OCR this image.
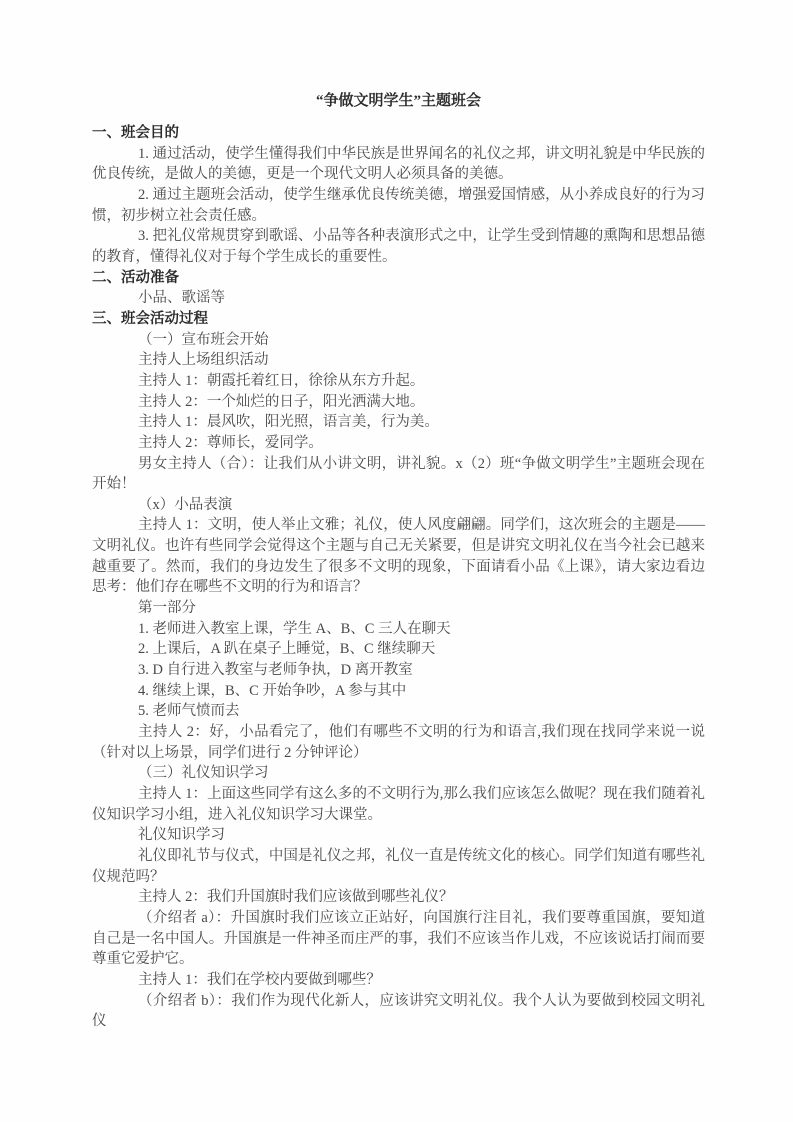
“争做文明学生”主题班会

一、班会目的

1. 通过活动，使学生懂得我们中华民族是世界闻名的礼仪之邦，讲文明礼貌是中华民族的优良传统，是做人的美德，更是一个现代文明人必须具备的美德。

2. 通过主题班会活动，使学生继承优良传统美德，增强爱国情感，从小养成良好的行为习惯，初步树立社会责任感。

3. 把礼仪常规贯穿到歌谣、小品等各种表演形式之中，让学生受到情趣的熏陶和思想品德的教育，懂得礼仪对于每个学生成长的重要性。

二、活动准备

小品、歌谣等

三、班会活动过程

（一）宣布班会开始

主持人上场组织活动

主持人 1：朝霞托着红日，徐徐从东方升起。

主持人 2：一个灿烂的日子，阳光洒满大地。

主持人 1：晨风吹，阳光照，语言美，行为美。

主持人 2：尊师长，爱同学。

男女主持人（合）：让我们从小讲文明，讲礼貌。x（2）班“争做文明学生”主题班会现在开始！

（x）小品表演

主持人 1：文明，使人举止文雅；礼仪，使人风度翩翩。同学们，这次班会的主题是——文明礼仪。也许有些同学会觉得这个主题与自己无关紧要，但是讲究文明礼仪在当今社会已越来越重要了。然而，我们的身边发生了很多不文明的现象，下面请看小品《上课》，请大家边看边思考：他们存在哪些不文明的行为和语言？

第一部分

1. 老师进入教室上课，学生 A、B、C 三人在聊天

2. 上课后，A 趴在桌子上睡觉，B、C 继续聊天

3. D 自行进入教室与老师争执，D 离开教室

4. 继续上课，B、C 开始争吵，A 参与其中

5. 老师气愤而去

主持人 2：好，小品看完了，他们有哪些不文明的行为和语言,我们现在找同学来说一说（针对以上场景，同学们进行 2 分钟评论）

（三）礼仪知识学习

主持人 1：上面这些同学有这么多的不文明行为,那么我们应该怎么做呢？现在我们随着礼仪知识学习小组，进入礼仪知识学习大课堂。

礼仪知识学习

礼仪即礼节与仪式，中国是礼仪之邦，礼仪一直是传统文化的核心。同学们知道有哪些礼仪规范吗？

主持人 2：我们升国旗时我们应该做到哪些礼仪？

（介绍者 a）：升国旗时我们应该立正站好，向国旗行注目礼，我们要尊重国旗，要知道自己是一名中国人。升国旗是一件神圣而庄严的事，我们不应该当作儿戏，不应该说话打闹而要尊重它爱护它。

主持人 1：我们在学校内要做到哪些？

（介绍者 b）：我们作为现代化新人，应该讲究文明礼仪。我个人认为要做到校园文明礼仪
